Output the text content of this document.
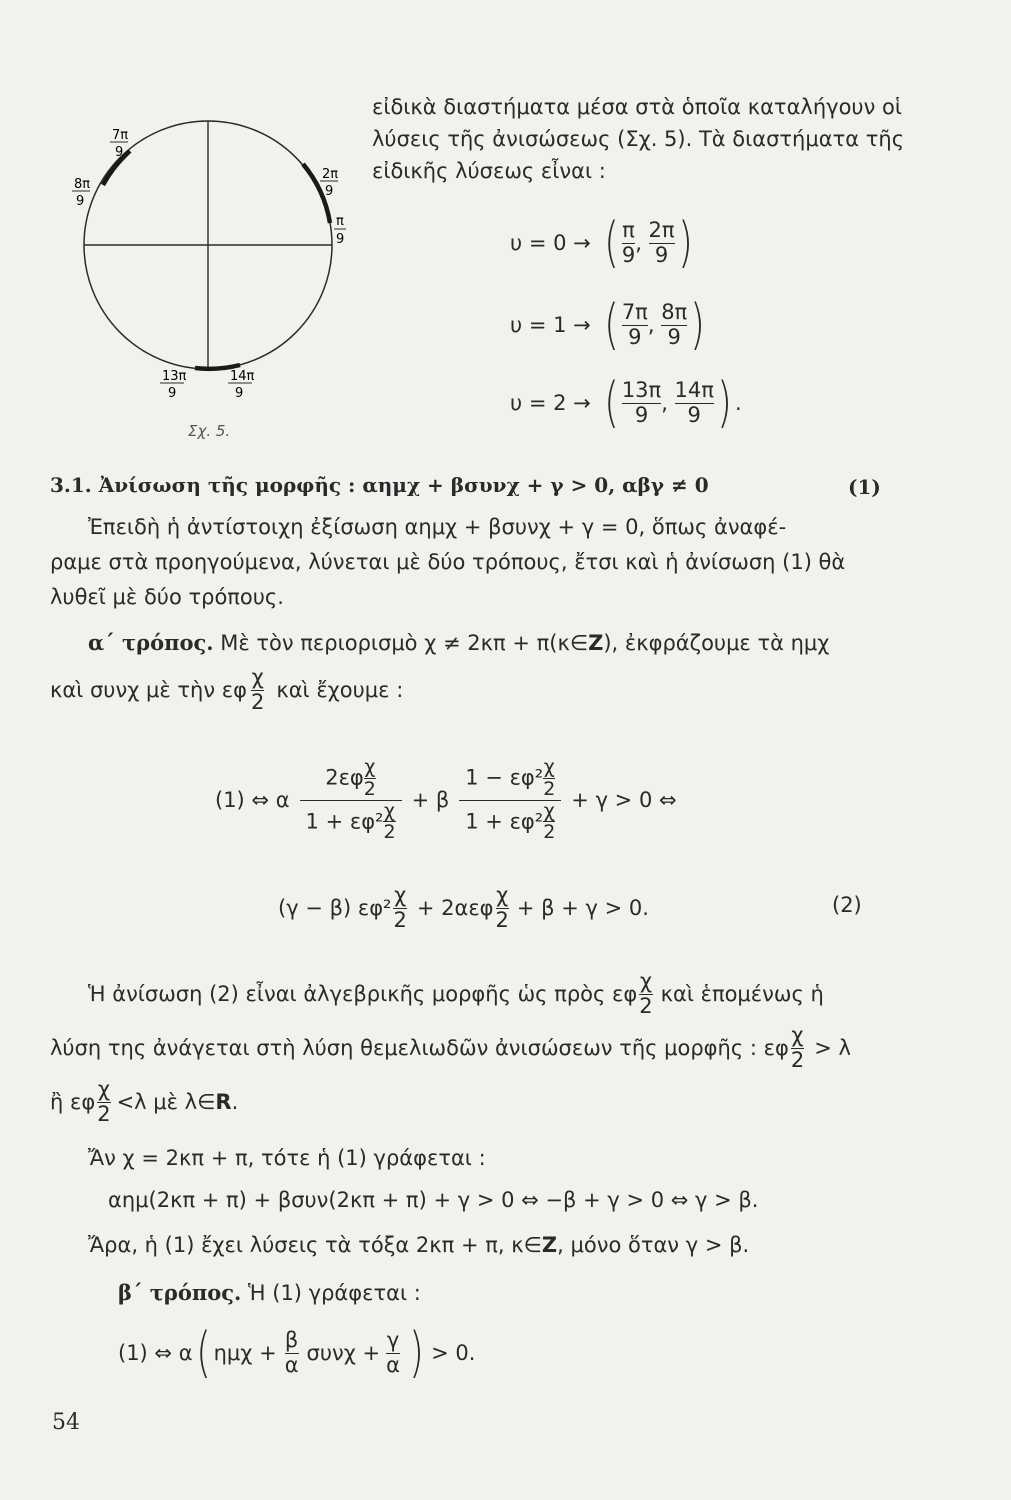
7π
9
8π
9
2π
9
π
9
13π
9
14π
9
Σχ. 5.
εἰδικὰ διαστήματα μέσα στὰ ὁποῖα καταλήγουν οἱ
λύσεις τῆς ἀνισώσεως (Σχ. 5). Τὰ διαστήματα τῆς
εἰδικῆς λύσεως εἶναι :
υ = 0 → ( $\frac{\pi}{9}$ , $\frac{2\pi}{9}$ )
υ = 1 → ( $\frac{7\pi}{9}$ , $\frac{8\pi}{9}$ )
υ = 2 → ( $\frac{13\pi}{9}$ , $\frac{14\pi}{9}$ ) .
3.1. Ἀνίσωση τῆς μορφῆς : αημχ + βσυνχ + γ > 0, αβγ ≠ 0	(1)
Ἐπειδὴ ἡ ἀντίστοιχη ἐξίσωση αημχ + βσυνχ + γ = 0, ὅπως ἀναφέ-
ραμε στὰ προηγούμενα, λύνεται μὲ δύο τρόπους, ἔτσι καὶ ἡ ἀνίσωση (1) θὰ
λυθεῖ μὲ δύο τρόπους.
α΄ τρόπος. Μὲ τὸν περιορισμὸ χ ≠ 2κπ + π(κ∈Z), ἐκφράζουμε τὰ ημχ
καὶ συνχ μὲ τὴν εφ $\frac{\chi}{2}$ καὶ ἔχουμε :
(1) ⇔ α $\frac{2\varepsilon\varphi \frac{\chi}{2}}{1 + \varepsilon\varphi^2 \frac{\chi}{2}} + \beta \frac{1 - \varepsilon\varphi^2 \frac{\chi}{2}}{1 + \varepsilon\varphi^2 \frac{\chi}{2}} + \gamma > 0$ ⇔
(γ − β) $\varepsilon\varphi^2 \frac{\chi}{2} + 2\alpha\varepsilon\varphi \frac{\chi}{2} + \beta + \gamma > 0$.	(2)
Ἡ ἀνίσωση (2) εἶναι ἀλγεβρικῆς μορφῆς ὡς πρὸς εφ $\frac{\chi}{2}$ καὶ ἑπομένως ἡ
λύση της ἀνάγεται στὴ λύση θεμελιωδῶν ἀνισώσεων τῆς μορφῆς : εφ $\frac{\chi}{2} > \lambda$
ἢ εφ $\frac{\chi}{2} <\lambda$ μὲ λ∈ R .
Ἄν χ = 2κπ + π, τότε ἡ (1) γράφεται :
αημ(2κπ + π) + βσυν(2κπ + π) + γ > 0 ⇔ −β + γ > 0 ⇔ γ > β.
Ἄρα, ἡ (1) ἔχει λύσεις τὰ τόξα 2κπ + π, κ∈Z, μόνο ὅταν γ > β.
β΄ τρόπος. Ἡ (1) γράφεται :
(1) ⇔ α ( $\eta\mu\chi + \frac{\beta}{\alpha}$ $\sigma\upsilon\nu\chi + \frac{\gamma}{\alpha}$ ) > 0.
54
